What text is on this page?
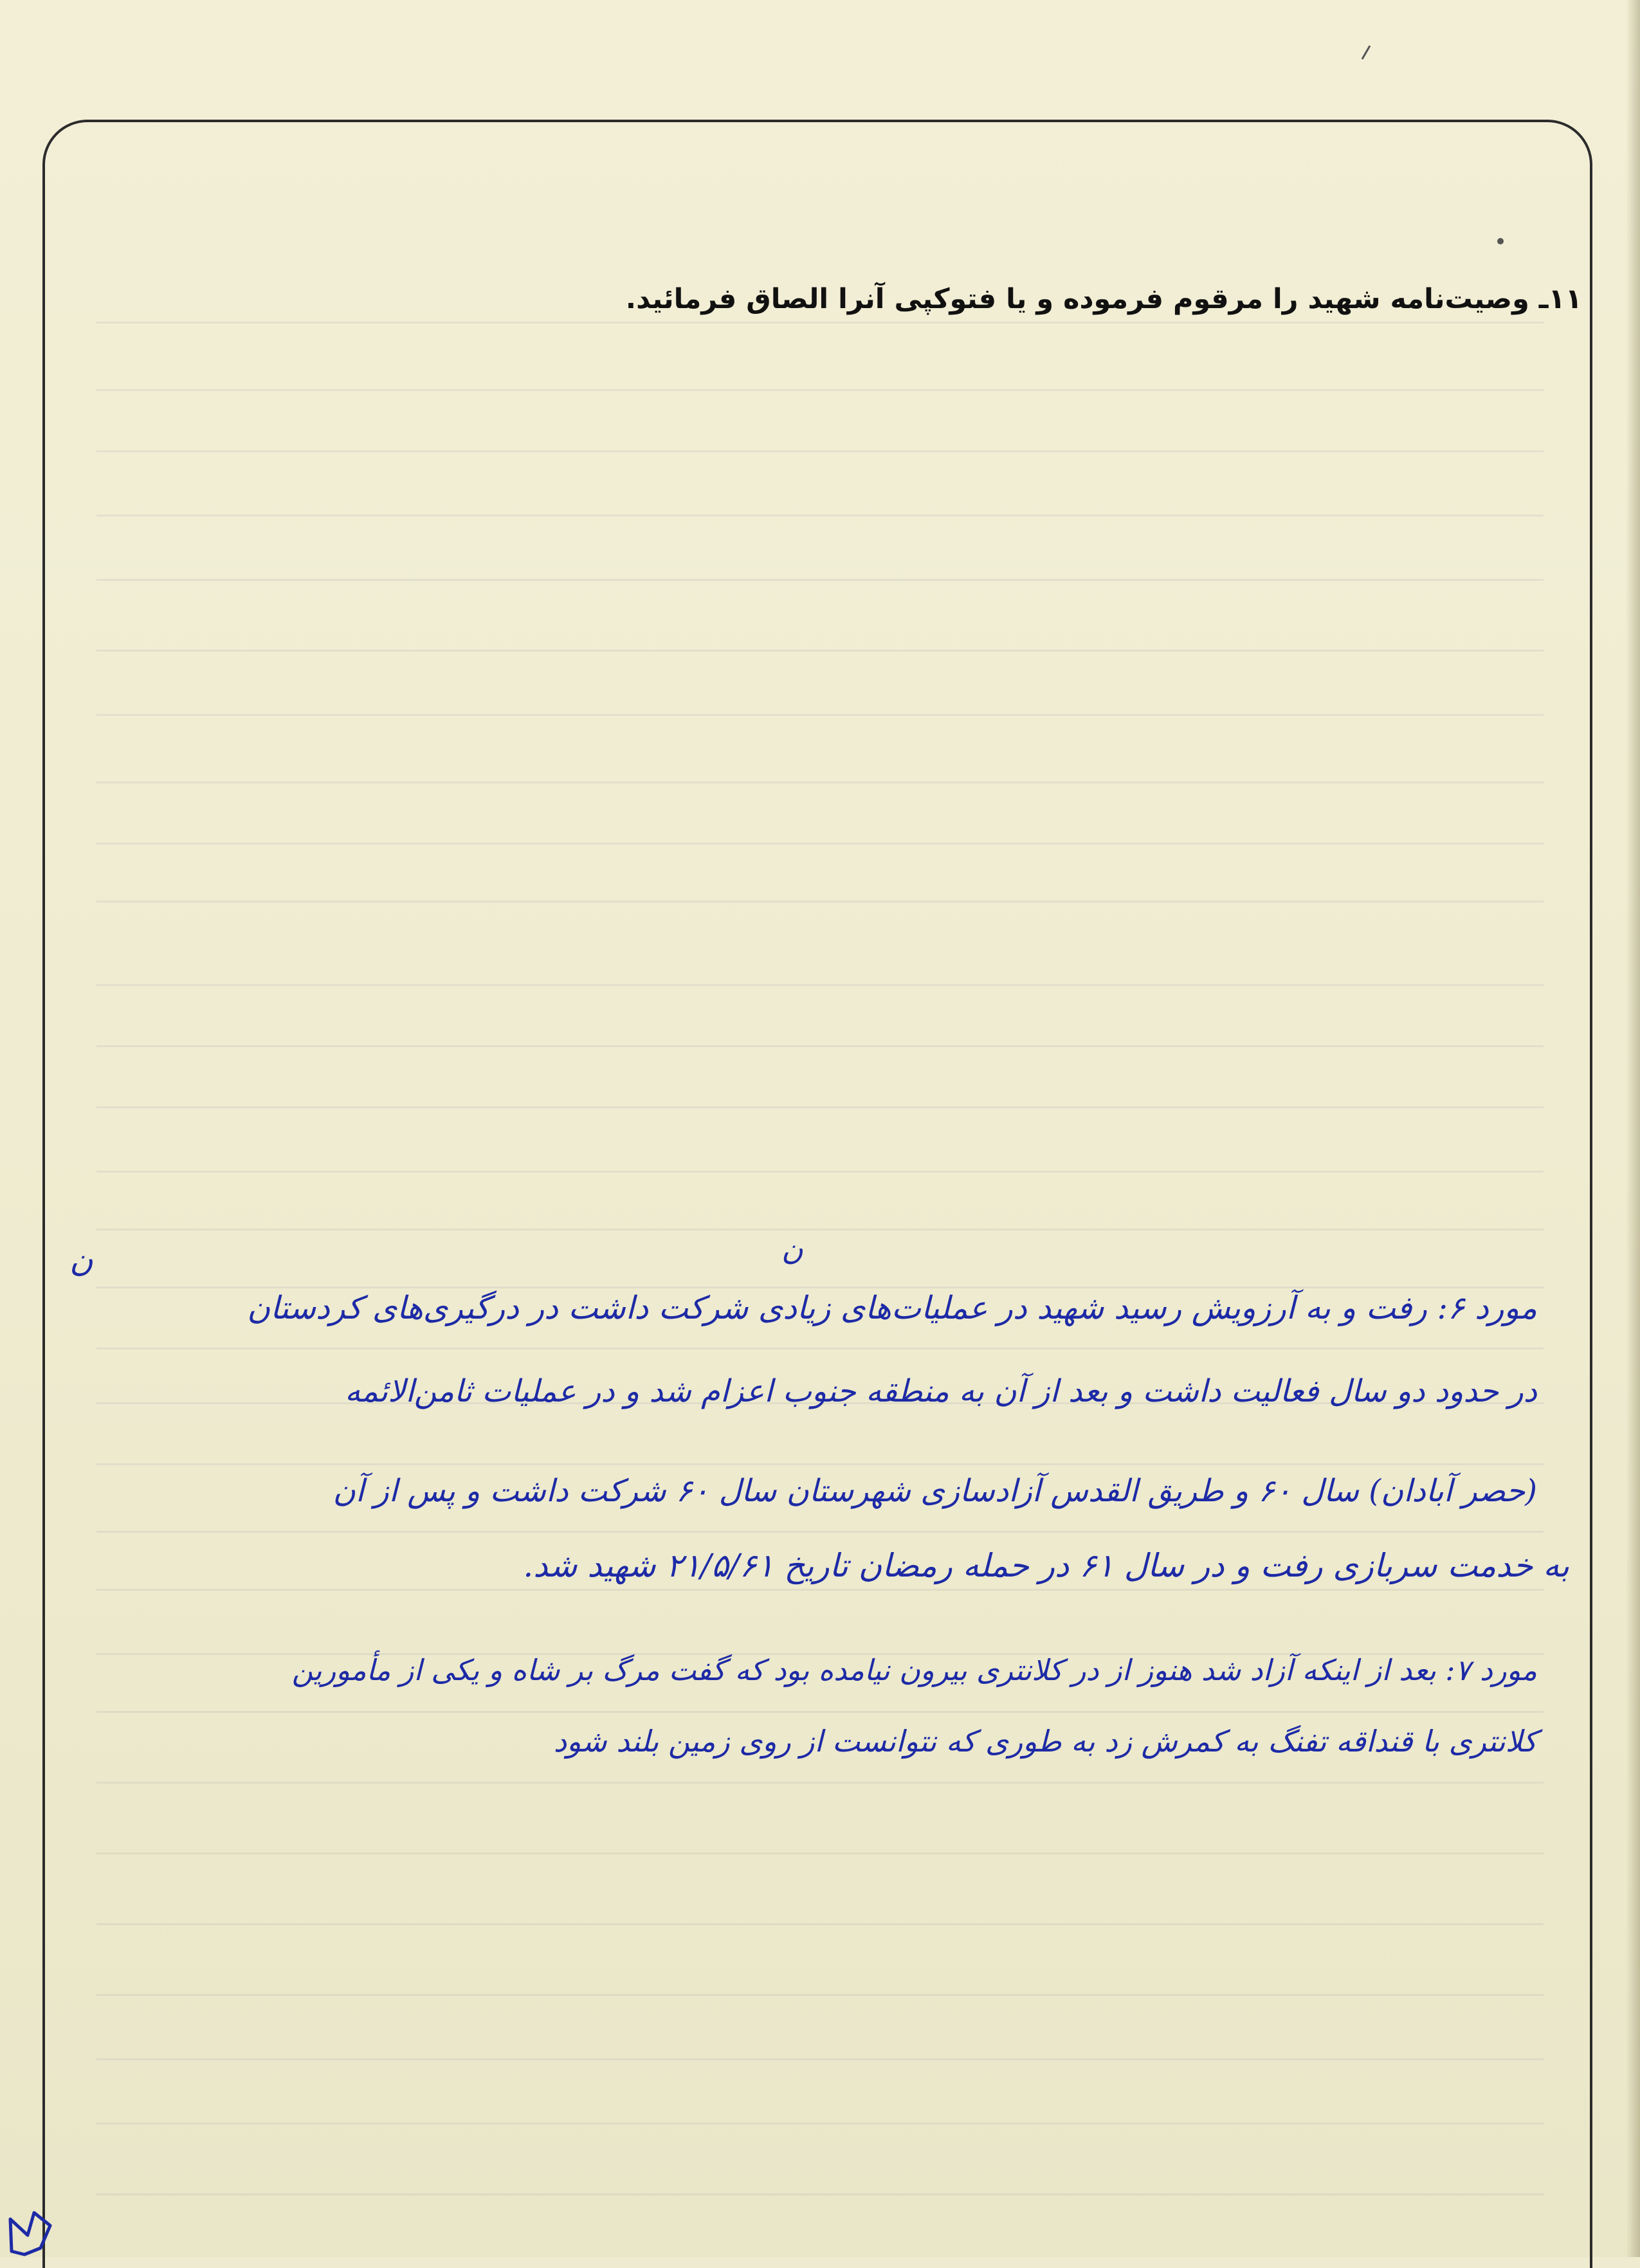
۱۱ـ وصیت‌نامه شهید را مرقوم فرموده و یا فتوکپی آنرا الصاق فرمائید.
ن
ن
مورد ۶: رفت و به آرزویش رسید شهید در عملیات‌های زیادی شرکت داشت در درگیری‌های کردستان
در حدود دو سال فعالیت داشت و بعد از آن به منطقه جنوب اعزام شد و در عملیات ثامن‌الائمه
(حصر آبادان) سال ۶۰ و طریق القدس آزادسازی شهرستان سال ۶۰ شرکت داشت و پس از آن
به خدمت سربازی رفت و در سال ۶۱ در حمله رمضان تاریخ ۲۱/۵/۶۱ شهید شد.
مورد ۷: بعد از اینکه آزاد شد هنوز از در کلانتری بیرون نیامده بود که گفت مرگ بر شاه و یکی از مأمورین
کلانتری با قنداقه تفنگ به کمرش زد به طوری که نتوانست از روی زمین بلند شود
